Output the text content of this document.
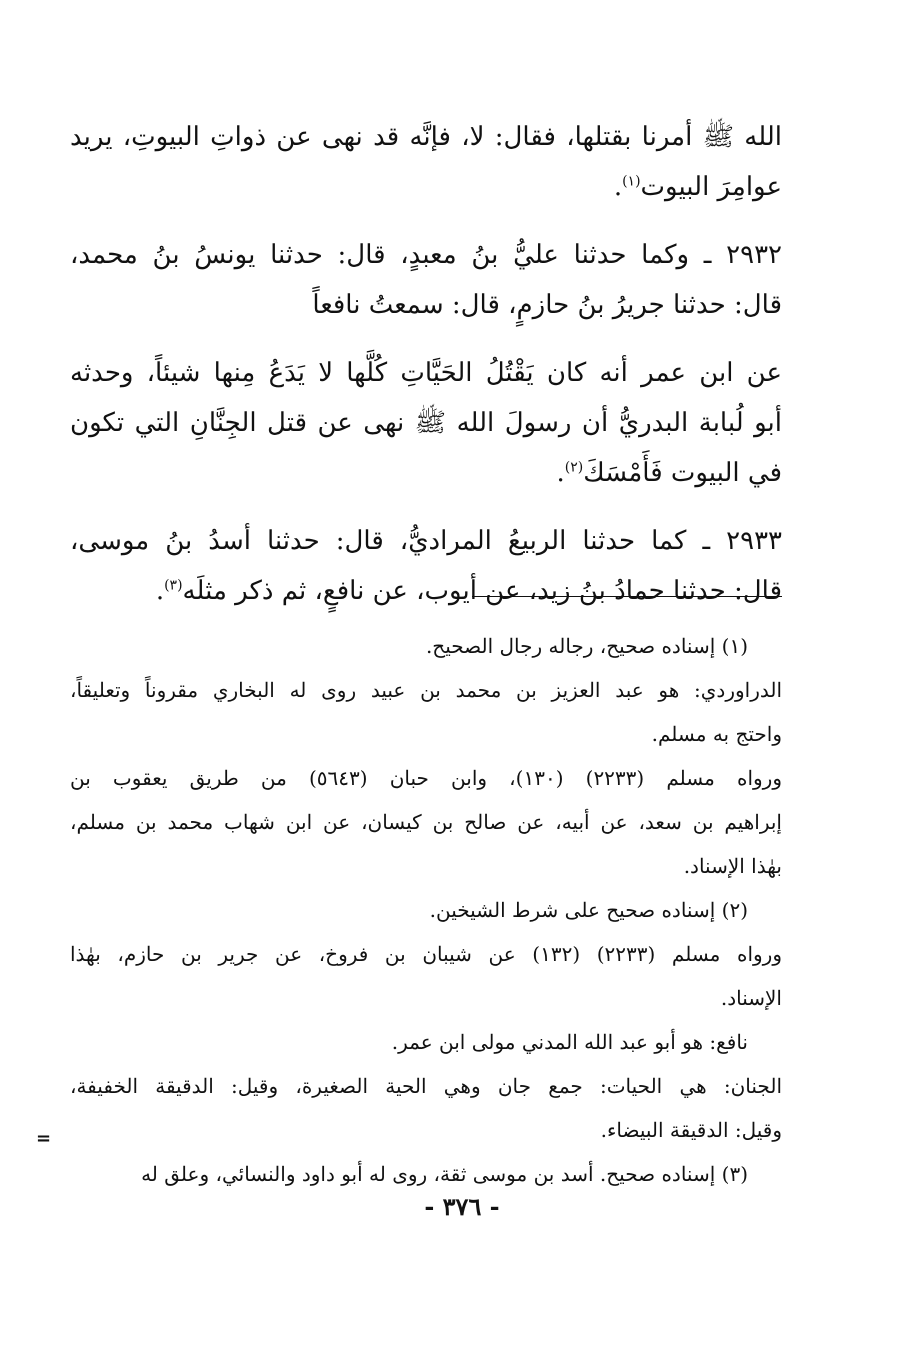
الله ﷺ أمرنا بقتلها، فقال: لا، فإنَّه قد نهى عن ذواتِ البيوتِ، يريد
عوامِرَ البيوت$^{(١)}$.
٢٩٣٢ ـ وكما حدثنا عليُّ بنُ معبدٍ، قال: حدثنا يونسُ بنُ محمد،
قال: حدثنا جريرُ بنُ حازمٍ، قال: سمعتُ نافعاً
عن ابن عمر أنه كان يَقْتُلُ الحَيَّاتِ كُلَّها لا يَدَعُ مِنها شيئاً، وحدثه
أبو لُبابة البدريُّ أن رسولَ الله ﷺ نهى عن قتل الجِنَّانِ التي تكون
في البيوت فَأَمْسَكَ$^{(٢)}$.
٢٩٣٣ ـ كما حدثنا الربيعُ المراديُّ، قال: حدثنا أسدُ بنُ موسى،
قال: حدثنا حمادُ بنُ زيد، عن أيوب، عن نافعٍ، ثم ذكر مثلَه$^{(٣)}$.
(١) إسناده صحيح، رجاله رجال الصحيح.
الدراوردي: هو عبد العزيز بن محمد بن عبيد روى له البخاري مقروناً وتعليقاً،
واحتج به مسلم.
ورواه مسلم (٢٢٣٣) (١٣٠)، وابن حبان (٥٦٤٣) من طريق يعقوب بن
إبراهيم بن سعد، عن أبيه، عن صالح بن كيسان، عن ابن شهاب محمد بن مسلم،
بهٰذا الإسناد.
(٢) إسناده صحيح على شرط الشيخين.
ورواه مسلم (٢٢٣٣) (١٣٢) عن شيبان بن فروخ، عن جرير بن حازم، بهٰذا
الإسناد.
نافع: هو أبو عبد الله المدني مولى ابن عمر.
الجنان: هي الحيات: جمع جان وهي الحية الصغيرة، وقيل: الدقيقة الخفيفة،
وقيل: الدقيقة البيضاء.
(٣) إسناده صحيح. أسد بن موسى ثقة، روى له أبو داود والنسائي، وعلق له
=
- ٣٧٦ -
